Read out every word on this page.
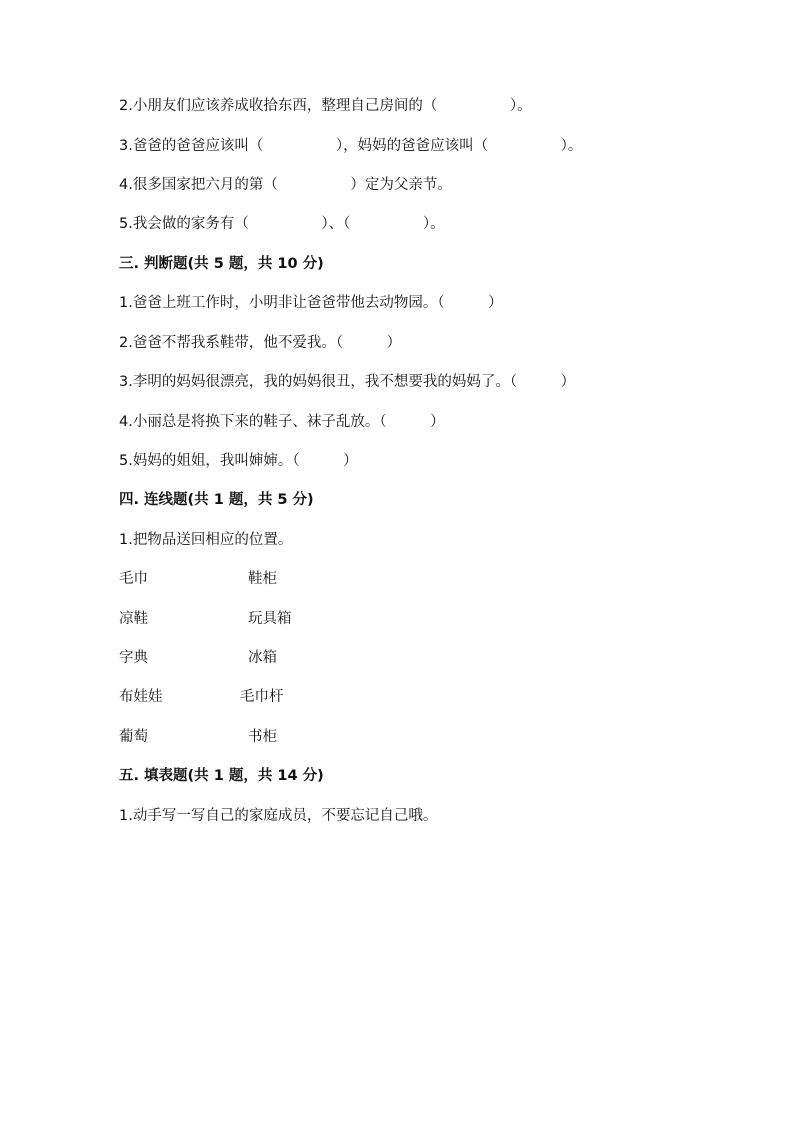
2.小朋友们应该养成收拾东西，整理自己房间的（　　　　　）。
3.爸爸的爸爸应该叫（　　　　　），妈妈的爸爸应该叫（　　　　　）。
4.很多国家把六月的第（　　　　　）定为父亲节。
5.我会做的家务有（　　　　　）、（　　　　　）。
三. 判断题(共 5 题，共 10 分)
1.爸爸上班工作时，小明非让爸爸带他去动物园。（　　　）
2.爸爸不帮我系鞋带，他不爱我。（　　　）
3.李明的妈妈很漂亮，我的妈妈很丑，我不想要我的妈妈了。（　　　）
4.小丽总是将换下来的鞋子、袜子乱放。（　　　）
5.妈妈的姐姐，我叫婶婶。（　　　）
四. 连线题(共 1 题，共 5 分)
1.把物品送回相应的位置。
毛巾	鞋柜
凉鞋	玩具箱
字典	冰箱
布娃娃	毛巾杆
葡萄	书柜
五. 填表题(共 1 题，共 14 分)
1.动手写一写自己的家庭成员，不要忘记自己哦。
